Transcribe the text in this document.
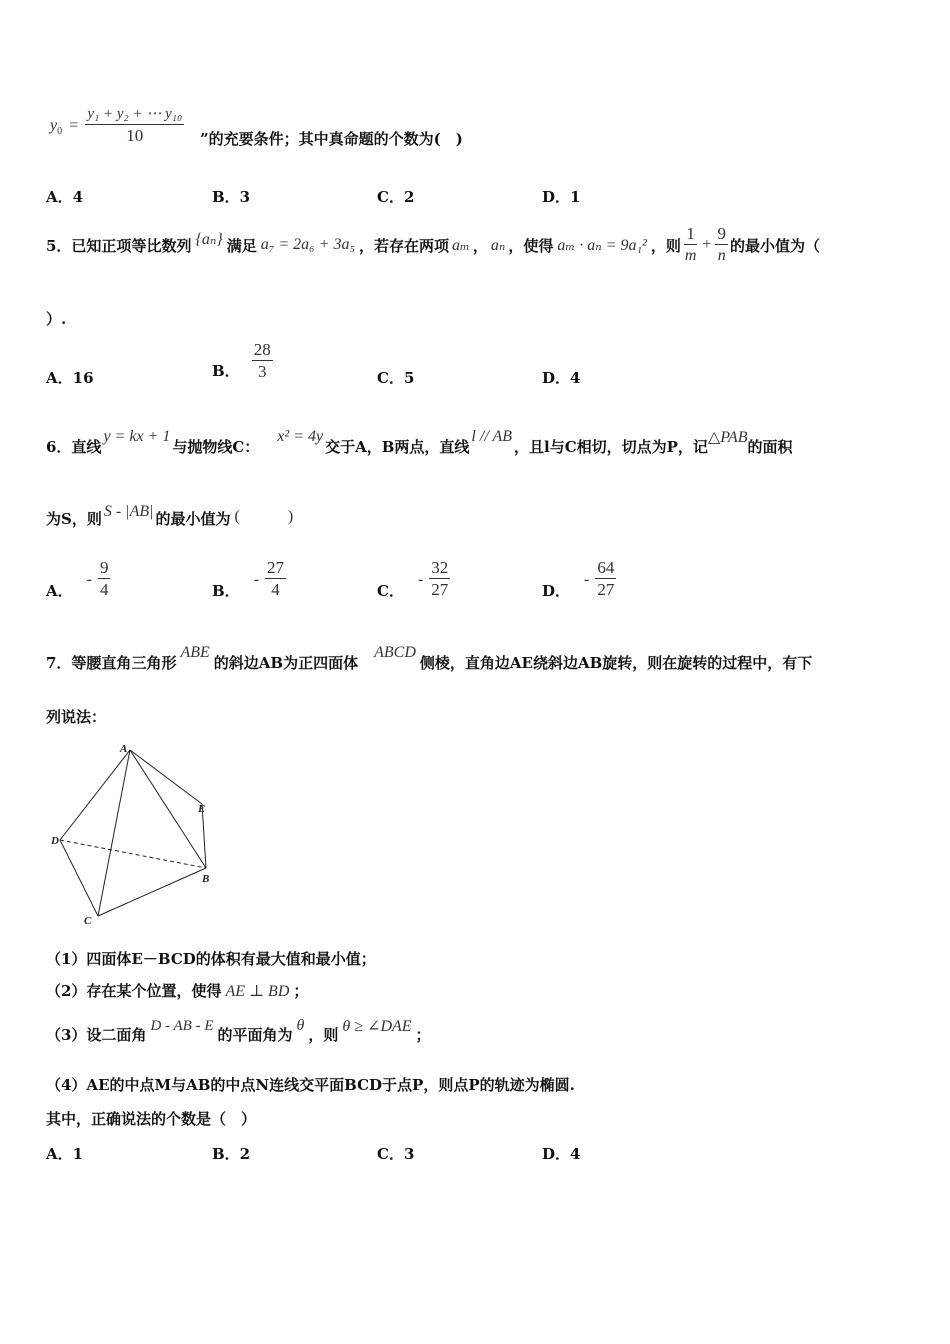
$y_0 = \frac{\text{y₁ + y₂ + ⋯ y₁₀}}{10}$ ”的充要条件；其中真命题的个数为(　)
A．4	B．3	C．2	D．1
5．已知正项等比数列 {aₙ} 满足 a₇ = 2a₆ + 3a₅ ，若存在两项 aₘ ， aₙ ，使得 aₘ · aₙ = 9a₁² ，则 $\frac{1}{m} + \frac{9}{n}$ 的最小值为（
）.
A．16	B． $\frac{28}{3}$	C．5	D．4
6．直线
y = kx + 1
与抛物线C：
x² = 4y
交于A，B两点，直线
l // AB
，且l与C相切，切点为P，记 △PAB 的面积
为S，则 S - |AB| 的最小值为 (　　　)
A．
- $\frac{9}{4}$	B．
- $\frac{27}{4}$	C．
- $\frac{32}{27}$	D．
- $\frac{64}{27}$
7．等腰直角三角形
ABE
的斜边AB为正四面体
ABCD
侧棱，直角边AE绕斜边AB旋转，则在旋转的过程中，有下
列说法：
A
D
E
B
C
（1）四面体E－BCD的体积有最大值和最小值；
（2）存在某个位置，使得 AE ⊥ BD ；
（3）设二面角 D - AB - E 的平面角为 θ ，则 θ ≥ ∠DAE ；
（4）AE的中点M与AB的中点N连线交平面BCD于点P，则点P的轨迹为椭圆.
其中，正确说法的个数是（　）
A．1	B．2	C．3	D．4
